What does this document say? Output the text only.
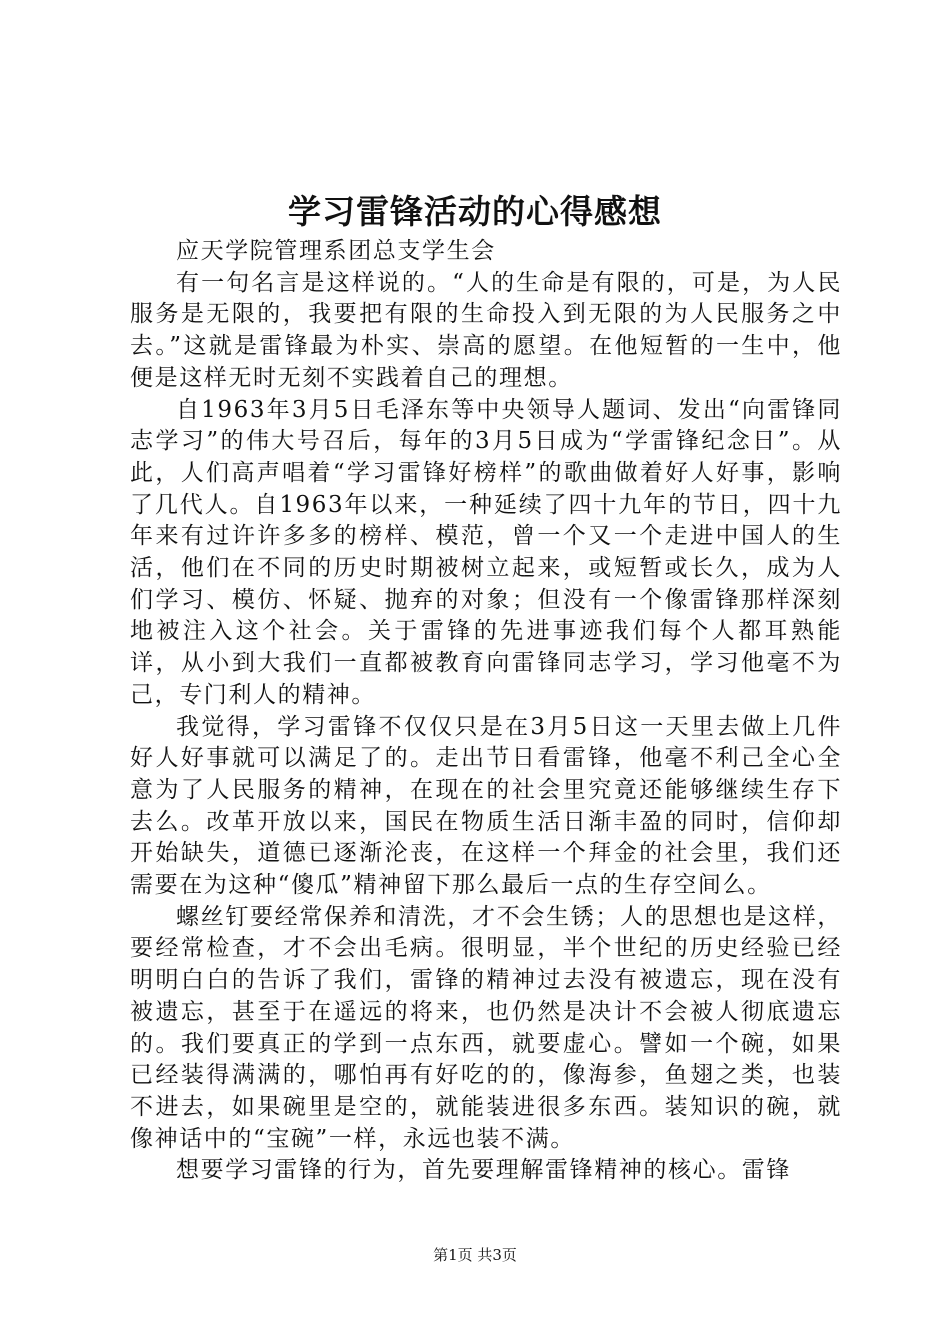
学习雷锋活动的心得感想

应天学院管理系团总支学生会

有一句名言是这样说的。“人的生命是有限的，可是，为人民服务是无限的，我要把有限的生命投入到无限的为人民服务之中去。”这就是雷锋最为朴实、崇高的愿望。在他短暂的一生中，他便是这样无时无刻不实践着自己的理想。

自1963年3月5日毛泽东等中央领导人题词、发出“向雷锋同志学习”的伟大号召后，每年的3月5日成为“学雷锋纪念日”。从此，人们高声唱着“学习雷锋好榜样”的歌曲做着好人好事，影响了几代人。自1963年以来，一种延续了四十九年的节日，四十九年来有过许许多多的榜样、模范，曾一个又一个走进中国人的生活，他们在不同的历史时期被树立起来，或短暂或长久，成为人们学习、模仿、怀疑、抛弃的对象；但没有一个像雷锋那样深刻地被注入这个社会。关于雷锋的先进事迹我们每个人都耳熟能详，从小到大我们一直都被教育向雷锋同志学习，学习他毫不为己，专门利人的精神。

我觉得，学习雷锋不仅仅只是在3月5日这一天里去做上几件好人好事就可以满足了的。走出节日看雷锋，他毫不利己全心全意为了人民服务的精神，在现在的社会里究竟还能够继续生存下去么。改革开放以来，国民在物质生活日渐丰盈的同时，信仰却开始缺失，道德已逐渐沦丧，在这样一个拜金的社会里，我们还需要在为这种“傻瓜”精神留下那么最后一点的生存空间么。

螺丝钉要经常保养和清洗，才不会生锈；人的思想也是这样，要经常检查，才不会出毛病。很明显，半个世纪的历史经验已经明明白白的告诉了我们，雷锋的精神过去没有被遗忘，现在没有被遗忘，甚至于在遥远的将来，也仍然是决计不会被人彻底遗忘的。我们要真正的学到一点东西，就要虚心。譬如一个碗，如果已经装得满满的，哪怕再有好吃的的，像海参，鱼翅之类，也装不进去，如果碗里是空的，就能装进很多东西。装知识的碗，就像神话中的“宝碗”一样，永远也装不满。

想要学习雷锋的行为，首先要理解雷锋精神的核心。雷锋

第1页 共3页
